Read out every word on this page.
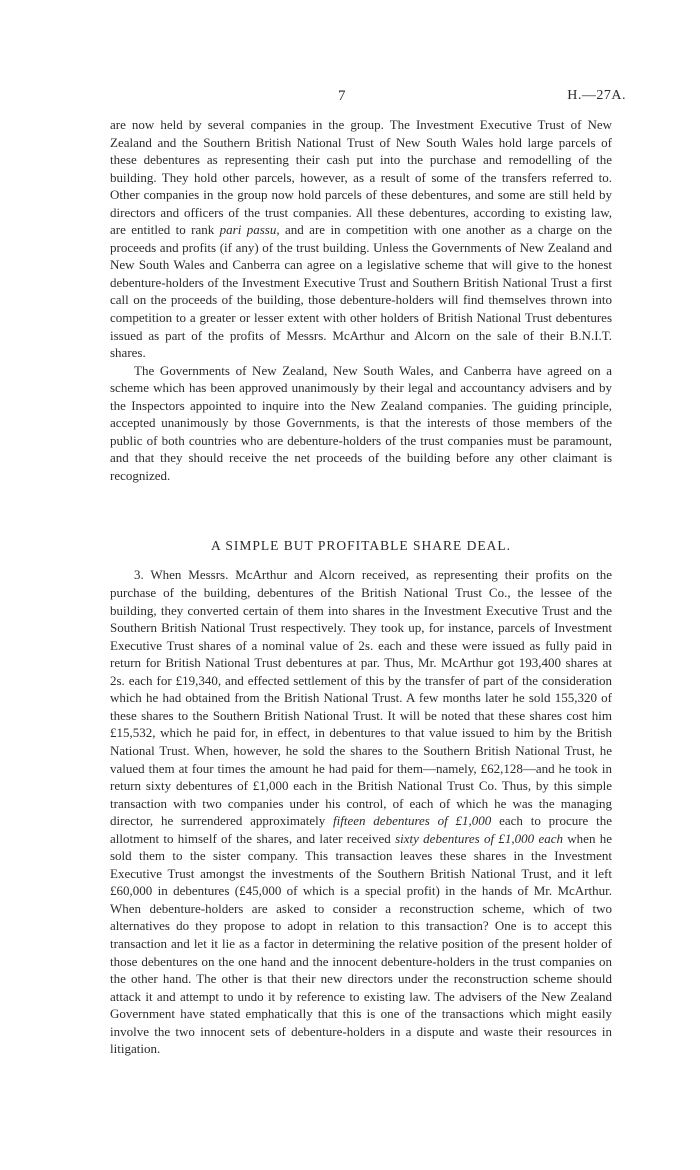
7	H.—27A.

are now held by several companies in the group. The Investment Executive Trust of New Zealand and the Southern British National Trust of New South Wales hold large parcels of these debentures as representing their cash put into the purchase and remodelling of the building. They hold other parcels, however, as a result of some of the transfers referred to. Other companies in the group now hold parcels of these debentures, and some are still held by directors and officers of the trust companies. All these debentures, according to existing law, are entitled to rank pari passu, and are in competition with one another as a charge on the proceeds and profits (if any) of the trust building. Unless the Governments of New Zealand and New South Wales and Canberra can agree on a legislative scheme that will give to the honest debenture-holders of the Investment Executive Trust and Southern British National Trust a first call on the proceeds of the building, those debenture-holders will find themselves thrown into competition to a greater or lesser extent with other holders of British National Trust debentures issued as part of the profits of Messrs. McArthur and Alcorn on the sale of their B.N.I.T. shares.

The Governments of New Zealand, New South Wales, and Canberra have agreed on a scheme which has been approved unanimously by their legal and accountancy advisers and by the Inspectors appointed to inquire into the New Zealand companies. The guiding principle, accepted unanimously by those Governments, is that the interests of those members of the public of both countries who are debenture-holders of the trust companies must be paramount, and that they should receive the net proceeds of the building before any other claimant is recognized.

A SIMPLE BUT PROFITABLE SHARE DEAL.

3. When Messrs. McArthur and Alcorn received, as representing their profits on the purchase of the building, debentures of the British National Trust Co., the lessee of the building, they converted certain of them into shares in the Investment Executive Trust and the Southern British National Trust respectively. They took up, for instance, parcels of Investment Executive Trust shares of a nominal value of 2s. each and these were issued as fully paid in return for British National Trust debentures at par. Thus, Mr. McArthur got 193,400 shares at 2s. each for £19,340, and effected settlement of this by the transfer of part of the consideration which he had obtained from the British National Trust. A few months later he sold 155,320 of these shares to the Southern British National Trust. It will be noted that these shares cost him £15,532, which he paid for, in effect, in debentures to that value issued to him by the British National Trust. When, however, he sold the shares to the Southern British National Trust, he valued them at four times the amount he had paid for them—namely, £62,128—and he took in return sixty debentures of £1,000 each in the British National Trust Co. Thus, by this simple transaction with two companies under his control, of each of which he was the managing director, he surrendered approximately fifteen debentures of £1,000 each to procure the allotment to himself of the shares, and later received sixty debentures of £1,000 each when he sold them to the sister company. This transaction leaves these shares in the Investment Executive Trust amongst the investments of the Southern British National Trust, and it left £60,000 in debentures (£45,000 of which is a special profit) in the hands of Mr. McArthur. When debenture-holders are asked to consider a reconstruction scheme, which of two alternatives do they propose to adopt in relation to this transaction? One is to accept this transaction and let it lie as a factor in determining the relative position of the present holder of those debentures on the one hand and the innocent debenture-holders in the trust companies on the other hand. The other is that their new directors under the reconstruction scheme should attack it and attempt to undo it by reference to existing law. The advisers of the New Zealand Government have stated emphatically that this is one of the transactions which might easily involve the two innocent sets of debenture-holders in a dispute and waste their resources in litigation.
